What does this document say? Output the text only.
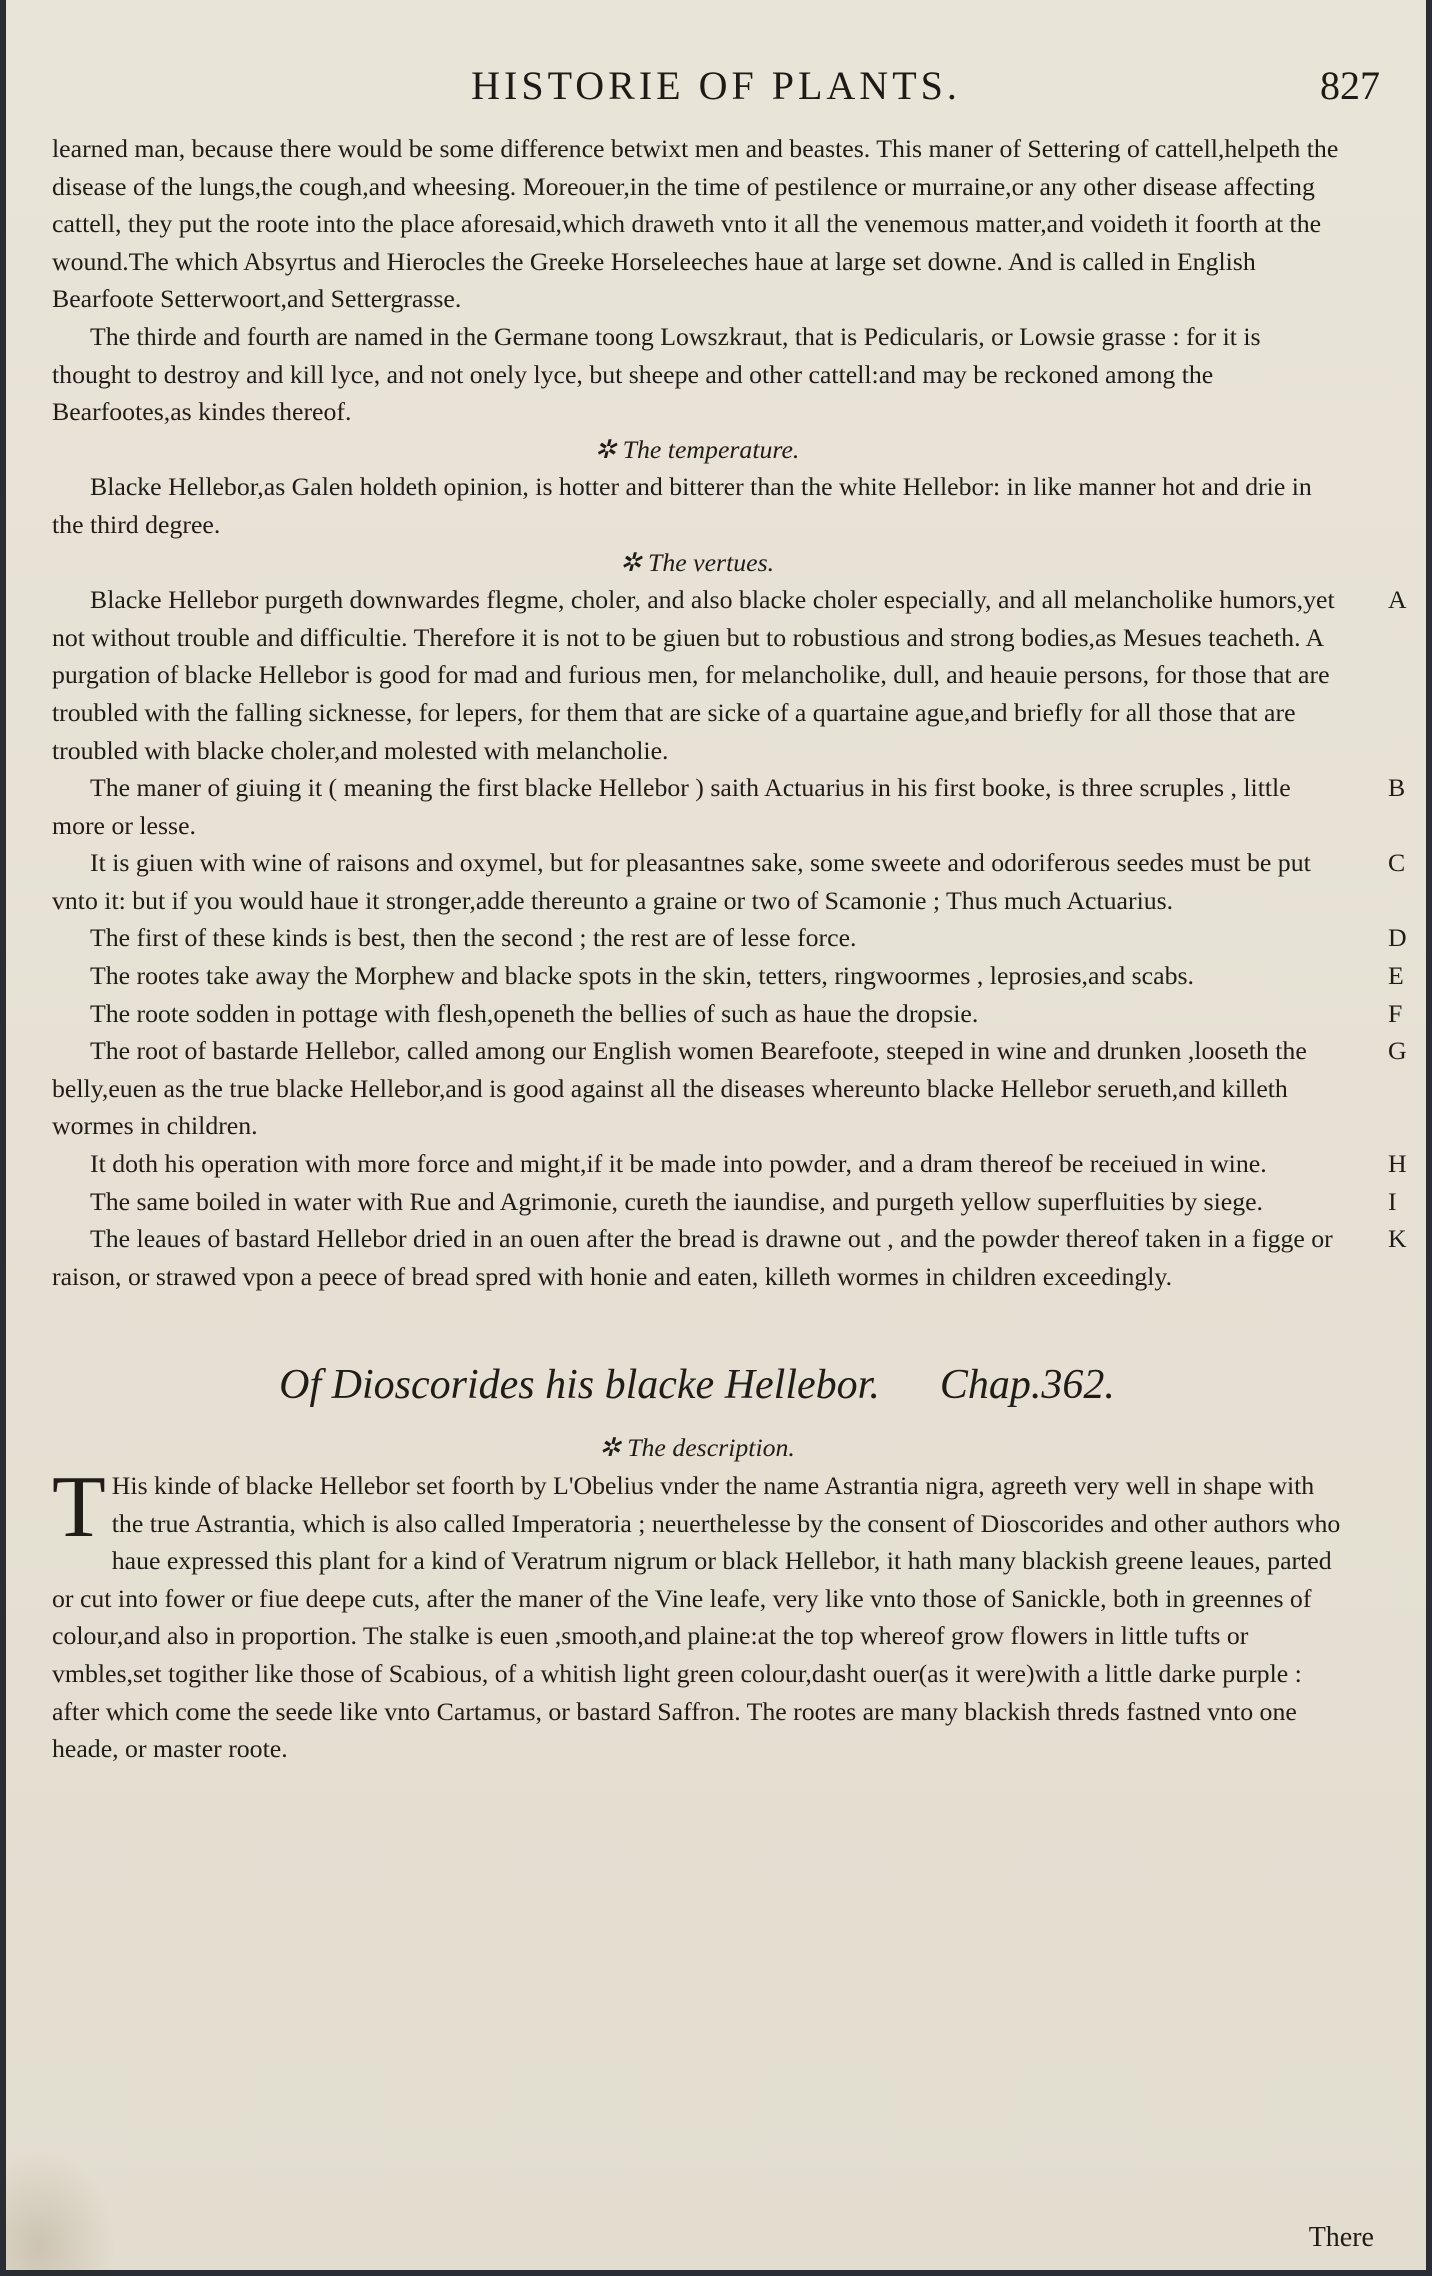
HISTORIE OF PLANTS.	827

learned man, because there would be some difference betwixt men and beastes. This maner of Settering of cattell,helpeth the disease of the lungs,the cough,and wheesing. Moreouer,in the time of pestilence or murraine,or any other disease affecting cattell, they put the roote into the place aforesaid,which draweth vnto it all the venemous matter,and voideth it foorth at the wound.The which Absyrtus and Hierocles the Greeke Horseleeches haue at large set downe. And is called in English Bearfoote Setterwoort,and Settergrasse.

The thirde and fourth are named in the Germane toong Lowszkraut, that is Pedicularis, or Lowsie grasse : for it is thought to destroy and kill lyce, and not onely lyce, but sheepe and other cattell:and may be reckoned among the Bearfootes,as kindes thereof.

✲ The temperature.

Blacke Hellebor,as Galen holdeth opinion, is hotter and bitterer than the white Hellebor: in like manner hot and drie in the third degree.

✲ The vertues.

A
Blacke Hellebor purgeth downwardes flegme, choler, and also blacke choler especially, and all melancholike humors,yet not without trouble and difficultie. Therefore it is not to be giuen but to robustious and strong bodies,as Mesues teacheth. A purgation of blacke Hellebor is good for mad and furious men, for melancholike, dull, and heauie persons, for those that are troubled with the falling sicknesse, for lepers, for them that are sicke of a quartaine ague,and briefly for all those that are troubled with blacke choler,and molested with melancholie.

B
The maner of giuing it ( meaning the first blacke Hellebor ) saith Actuarius in his first booke, is three scruples , little more or lesse.

C
It is giuen with wine of raisons and oxymel, but for pleasantnes sake, some sweete and odoriferous seedes must be put vnto it: but if you would haue it stronger,adde thereunto a graine or two of Scamonie ; Thus much Actuarius.

D
The first of these kinds is best, then the second ; the rest are of lesse force.

E
The rootes take away the Morphew and blacke spots in the skin, tetters, ringwoormes , leprosies,and scabs.

F
The roote sodden in pottage with flesh,openeth the bellies of such as haue the dropsie.

G
The root of bastarde Hellebor, called among our English women Bearefoote, steeped in wine and drunken ,looseth the belly,euen as the true blacke Hellebor,and is good against all the diseases whereunto blacke Hellebor serueth,and killeth wormes in children.

H
It doth his operation with more force and might,if it be made into powder, and a dram thereof be receiued in wine.

I
The same boiled in water with Rue and Agrimonie, cureth the iaundise, and purgeth yellow superfluities by siege.

K
The leaues of bastard Hellebor dried in an ouen after the bread is drawne out , and the powder thereof taken in a figge or raison, or strawed vpon a peece of bread spred with honie and eaten, killeth wormes in children exceedingly.

Of Dioscorides his blacke Hellebor. Chap.362.

✲ The description.

T His kinde of blacke Hellebor set foorth by L'Obelius vnder the name Astrantia nigra, agreeth very well in shape with the true Astrantia, which is also called Imperatoria ; neuerthelesse by the consent of Dioscorides and other authors who haue expressed this plant for a kind of Veratrum nigrum or black Hellebor, it hath many blackish greene leaues, parted or cut into fower or fiue deepe cuts, after the maner of the Vine leafe, very like vnto those of Sanickle, both in greennes of colour,and also in proportion. The stalke is euen ,smooth,and plaine:at the top whereof grow flowers in little tufts or vmbles,set togither like those of Scabious, of a whitish light green colour,dasht ouer(as it were)with a little darke purple : after which come the seede like vnto Cartamus, or bastard Saffron. The rootes are many blackish threds fastned vnto one heade, or master roote.

There
